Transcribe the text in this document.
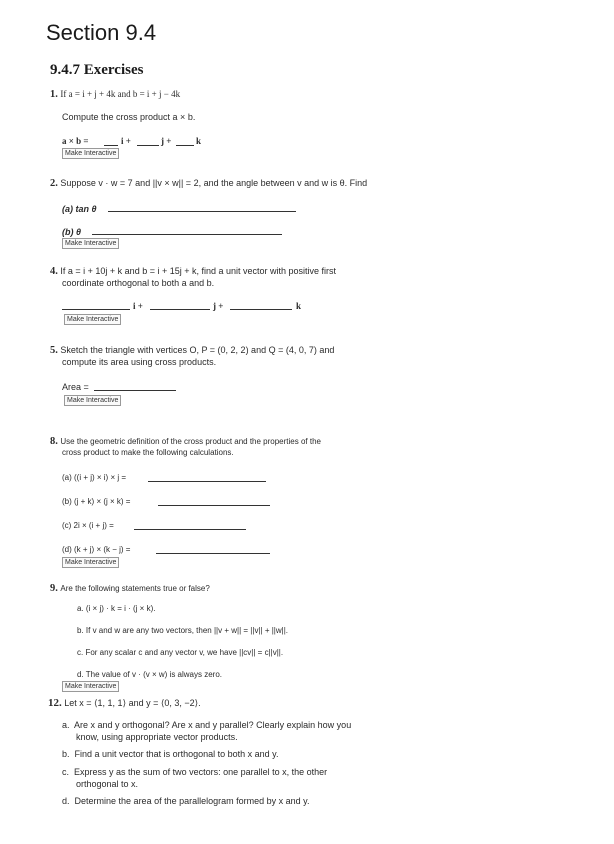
Section 9.4
9.4.7 Exercises
1. If a = i + j + 4k and b = i + j − 4k
Compute the cross product a × b.
a × b =	i +	j +	k
Make Interactive
2. Suppose v · w = 7 and ||v × w|| = 2, and the angle between v and w is θ. Find
(a) tan θ
(b) θ
Make Interactive
4. If a = i + 10j + k and b = i + 15j + k, find a unit vector with positive first
coordinate orthogonal to both a and b.
i +	j +	k
Make Interactive
5. Sketch the triangle with vertices O, P = (0, 2, 2) and Q = (4, 0, 7) and
compute its area using cross products.
Area =
Make Interactive
8. Use the geometric definition of the cross product and the properties of the
cross product to make the following calculations.
(a) ((i + j) × i) × j =
(b) (j + k) × (j × k) =
(c) 2i × (i + j) =
(d) (k + j) × (k − j) =
Make Interactive
9. Are the following statements true or false?
a. (i × j) · k = i · (j × k).
b. If v and w are any two vectors, then ||v + w|| = ||v|| + ||w||.
c. For any scalar c and any vector v, we have ||cv|| = c||v||.
d. The value of v · (v × w) is always zero.
Make Interactive
12. Let x = ⟨1, 1, 1⟩ and y = ⟨0, 3, −2⟩.
a. Are x and y orthogonal? Are x and y parallel? Clearly explain how you
know, using appropriate vector products.
b. Find a unit vector that is orthogonal to both x and y.
c. Express y as the sum of two vectors: one parallel to x, the other
orthogonal to x.
d. Determine the area of the parallelogram formed by x and y.
